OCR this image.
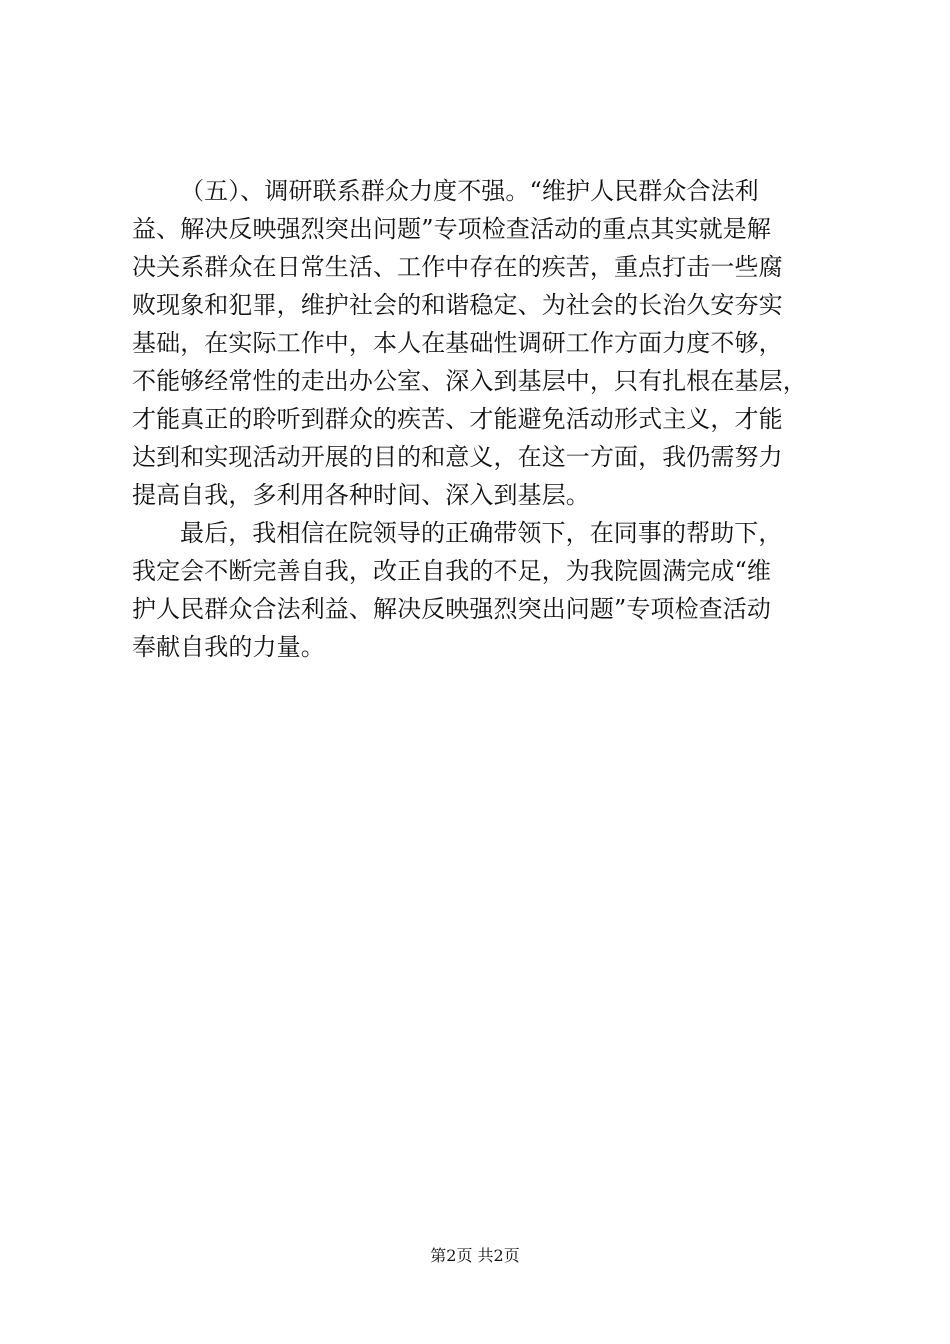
（五）、调研联系群众力度不强。“维护人民群众合法利
益、解决反映强烈突出问题”专项检查活动的重点其实就是解
决关系群众在日常生活、工作中存在的疾苦，重点打击一些腐
败现象和犯罪，维护社会的和谐稳定、为社会的长治久安夯实
基础，在实际工作中，本人在基础性调研工作方面力度不够，
不能够经常性的走出办公室、深入到基层中，只有扎根在基层，
才能真正的聆听到群众的疾苦、才能避免活动形式主义，才能
达到和实现活动开展的目的和意义，在这一方面，我仍需努力
提高自我，多利用各种时间、深入到基层。
最后，我相信在院领导的正确带领下，在同事的帮助下，
我定会不断完善自我，改正自我的不足，为我院圆满完成“维
护人民群众合法利益、解决反映强烈突出问题”专项检查活动
奉献自我的力量。
第2页 共2页
